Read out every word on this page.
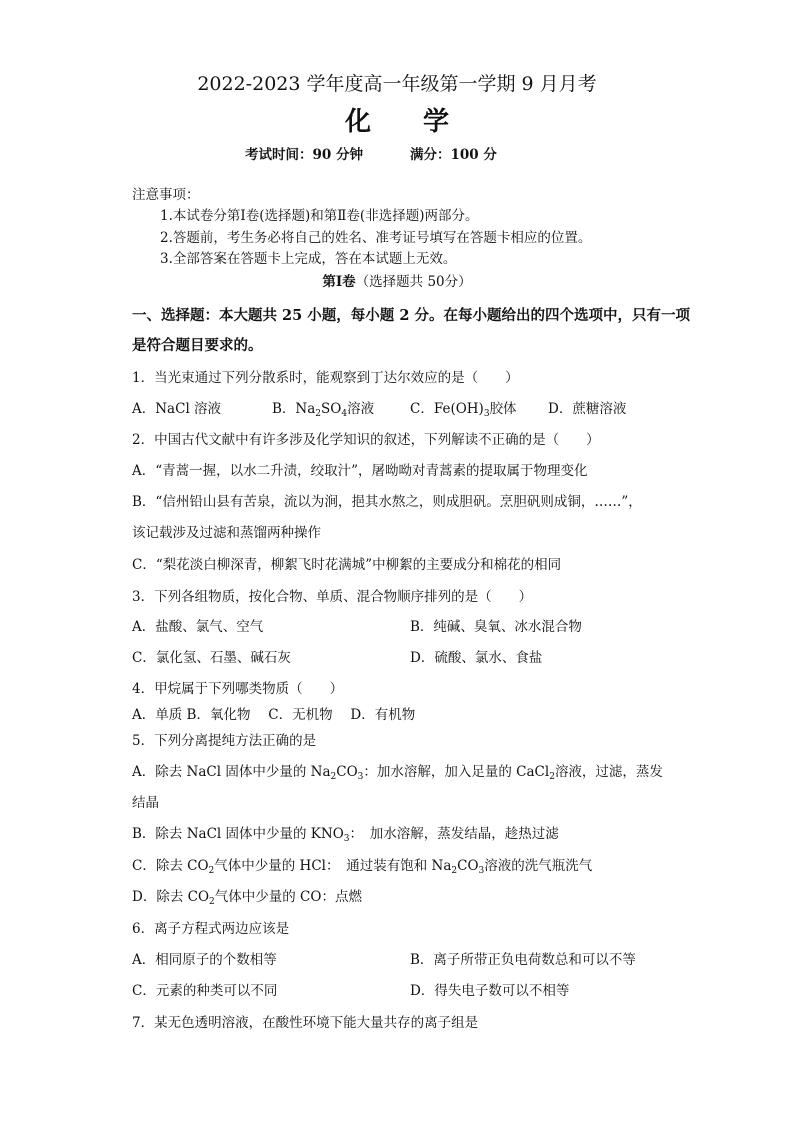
2022-2023 学年度高一年级第一学期 9 月月考
化　　学
考试时间：90 分钟	满分：100 分
注意事项：
1.本试卷分第Ⅰ卷(选择题)和第Ⅱ卷(非选择题)两部分。
2.答题前，考生务必将自己的姓名、准考证号填写在答题卡相应的位置。
3.全部答案在答题卡上完成，答在本试题上无效。
第Ⅰ卷（选择题共 50分）
一、选择题：本大题共 25 小题，每小题 2 分。在每小题给出的四个选项中，只有一项
是符合题目要求的。
1．当光束通过下列分散系时，能观察到丁达尔效应的是（　　）
A．NaCl 溶液	B．$Na_2SO_4$溶液	C．$Fe(OH)_3$胶体 D．蔗糖溶液
2．中国古代文献中有许多涉及化学知识的叙述，下列解读不正确的是（　　）
A．“青蒿一握，以水二升渍，绞取汁”，屠呦呦对青蒿素的提取属于物理变化
B．“信州铅山县有苦泉，流以为涧，挹其水熬之，则成胆矾。烹胆矾则成铜，……”，
该记载涉及过滤和蒸馏两种操作
C．“梨花淡白柳深青，柳絮飞时花满城”中柳絮的主要成分和棉花的相同
3．下列各组物质，按化合物、单质、混合物顺序排列的是（　　）
A．盐酸、氯气、空气	B．纯碱、臭氧、冰水混合物
C．氯化氢、石墨、碱石灰	D．硫酸、氯水、食盐
4．甲烷属于下列哪类物质（　　）
A．单质 B．氧化物　 C．无机物　 D．有机物
5．下列分离提纯方法正确的是
A．除去 NaCl 固体中少量的 $Na_2CO_3$：加水溶解，加入足量的 CaCl$_2$溶液，过滤，蒸发
结晶
B．除去 NaCl 固体中少量的 $KNO_3$：　加水溶解，蒸发结晶，趁热过滤
C．除去 $CO_2$气体中少量的 HCl：　通过装有饱和 $Na_2CO_3$溶液的洗气瓶洗气
D．除去 $CO_2$气体中少量的 CO：点燃
6．离子方程式两边应该是
A．相同原子的个数相等	B．离子所带正负电荷数总和可以不等
C．元素的种类可以不同	D．得失电子数可以不相等
7．某无色透明溶液，在酸性环境下能大量共存的离子组是
